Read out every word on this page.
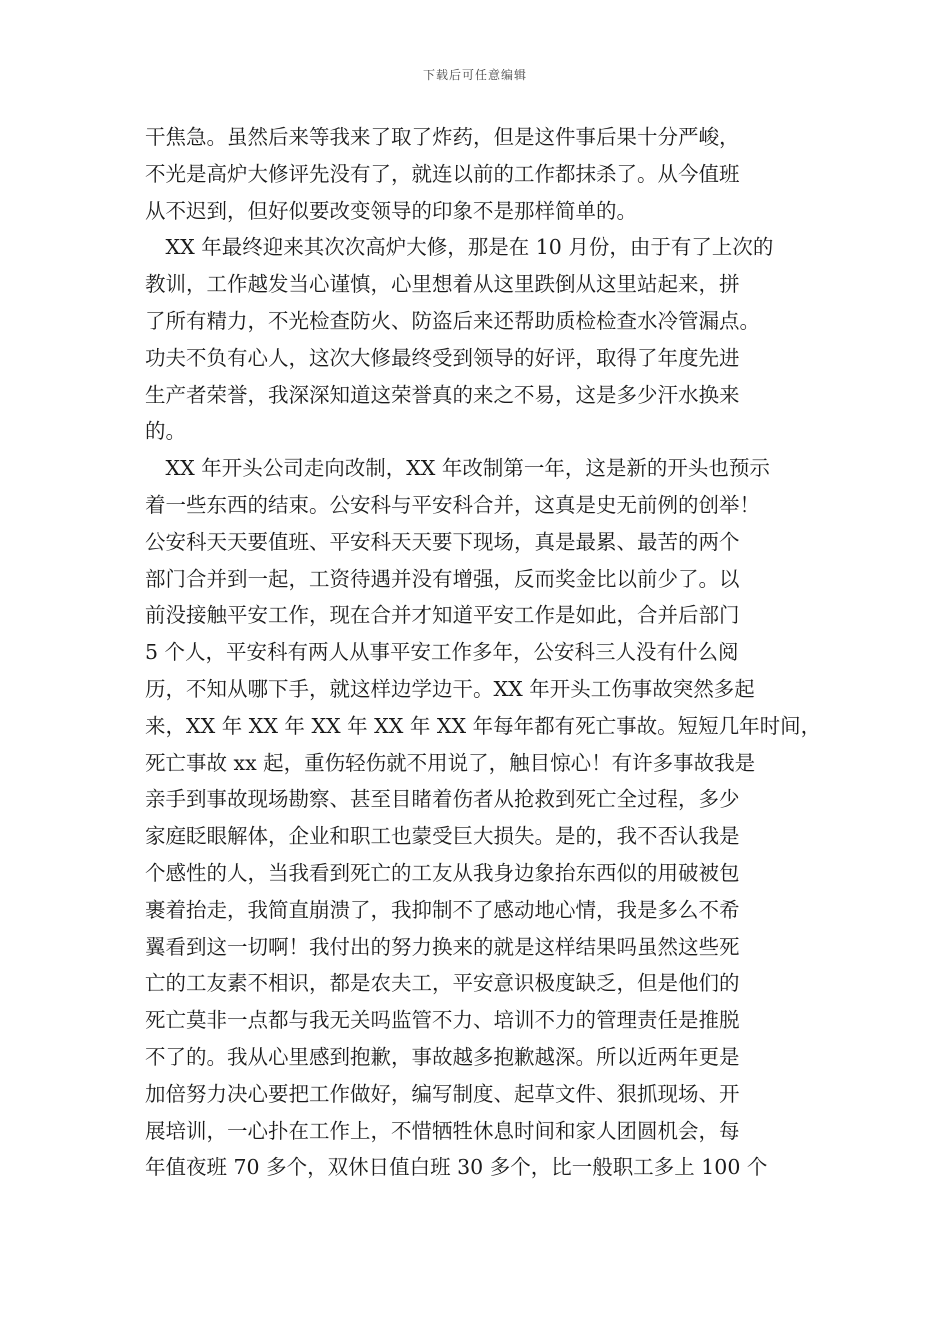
下载后可任意编辑

干焦急。虽然后来等我来了取了炸药，但是这件事后果十分严峻，
不光是高炉大修评先没有了，就连以前的工作都抹杀了。从今值班
从不迟到，但好似要改变领导的印象不是那样简单的。

　XX 年最终迎来其次次高炉大修，那是在 10 月份，由于有了上次的
教训，工作越发当心谨慎，心里想着从这里跌倒从这里站起来，拼
了所有精力，不光检查防火、防盗后来还帮助质检检查水冷管漏点。
功夫不负有心人，这次大修最终受到领导的好评，取得了年度先进
生产者荣誉，我深深知道这荣誉真的来之不易，这是多少汗水换来
的。

　XX 年开头公司走向改制，XX 年改制第一年，这是新的开头也预示
着一些东西的结束。公安科与平安科合并，这真是史无前例的创举！
公安科天天要值班、平安科天天要下现场，真是最累、最苦的两个
部门合并到一起，工资待遇并没有增强，反而奖金比以前少了。以
前没接触平安工作，现在合并才知道平安工作是如此，合并后部门
5 个人，平安科有两人从事平安工作多年，公安科三人没有什么阅
历，不知从哪下手，就这样边学边干。XX 年开头工伤事故突然多起
来，XX 年 XX 年 XX 年 XX 年 XX 年每年都有死亡事故。短短几年时间，
死亡事故 xx 起，重伤轻伤就不用说了，触目惊心！有许多事故我是
亲手到事故现场勘察、甚至目睹着伤者从抢救到死亡全过程，多少
家庭眨眼解体，企业和职工也蒙受巨大损失。是的，我不否认我是
个感性的人，当我看到死亡的工友从我身边象抬东西似的用破被包
裹着抬走，我简直崩溃了，我抑制不了感动地心情，我是多么不希
翼看到这一切啊！我付出的努力换来的就是这样结果吗虽然这些死
亡的工友素不相识，都是农夫工，平安意识极度缺乏，但是他们的
死亡莫非一点都与我无关吗监管不力、培训不力的管理责任是推脱
不了的。我从心里感到抱歉，事故越多抱歉越深。所以近两年更是
加倍努力决心要把工作做好，编写制度、起草文件、狠抓现场、开
展培训，一心扑在工作上，不惜牺牲休息时间和家人团圆机会，每
年值夜班 70 多个，双休日值白班 30 多个，比一般职工多上 100 个
